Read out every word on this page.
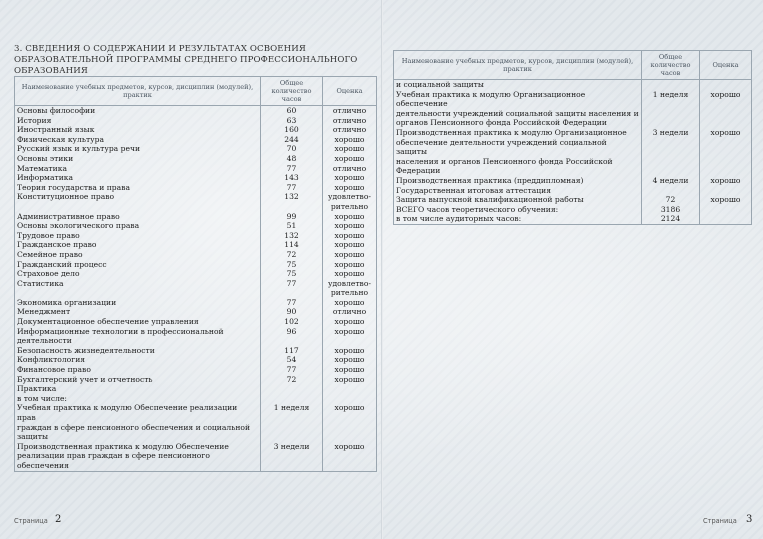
3. СВЕДЕНИЯ О СОДЕРЖАНИИ И РЕЗУЛЬТАТАХ ОСВОЕНИЯ ОБРАЗОВАТЕЛЬНОЙ ПРОГРАММЫ СРЕДНЕГО ПРОФЕССИОНАЛЬНОГО ОБРАЗОВАНИЯ
Наименование учебных предметов, курсов, дисциплин (модулей), практик	Общее количество часов	Оценка
Основы философии	60	отлично
История	63	отлично
Иностранный язык	160	отлично
Физическая культура	244	хорошо
Русский язык и культура речи	70	хорошо
Основы этики	48	хорошо
Математика	77	отлично
Информатика	143	хорошо
Теория государства и права	77	хорошо
Конституционное право	132	удовлетво-
		рительно
Административное право	99	хорошо
Основы экологического права	51	хорошо
Трудовое право	132	хорошо
Гражданское право	114	хорошо
Семейное право	72	хорошо
Гражданский процесс	75	хорошо
Страховое дело	75	хорошо
Статистика	77	удовлетво-
		рительно
Экономика организации	77	хорошо
Менеджмент	90	отлично
Документационное обеспечение управления	102	хорошо
Информационные технологии в профессиональной	96	хорошо
деятельности		
Безопасность жизнедеятельности	117	хорошо
Конфликтология	54	хорошо
Финансовое право	77	хорошо
Бухгалтерский учет и отчетность	72	хорошо
Практика		
в том числе:		
Учебная практика к модулю Обеспечение реализации прав	1 неделя	хорошо
граждан в сфере пенсионного обеспечения и социальной		
защиты		
Производственная практика к модулю Обеспечение	3 недели	хорошо
реализации прав граждан в сфере пенсионного обеспечения		
Наименование учебных предметов, курсов, дисциплин (модулей), практик	Общее количество часов	Оценка
и социальной защиты		
Учебная практика к модулю Организационное обеспечение	1 неделя	хорошо
деятельности учреждений социальной защиты населения и		
органов Пенсионного фонда Российской Федерации		
Производственная практика к модулю Организационное	3 недели	хорошо
обеспечение деятельности учреждений социальной защиты		
населения и органов Пенсионного фонда Российской		
Федерации		
Производственная практика (преддипломная)	4 недели	хорошо
Государственная итоговая аттестация		
Защита выпускной квалификационной работы	72	хорошо
ВСЕГО часов теоретического обучения:	3186	
в том числе аудиторных часов:	2124	
Страница 2	Страница 3
